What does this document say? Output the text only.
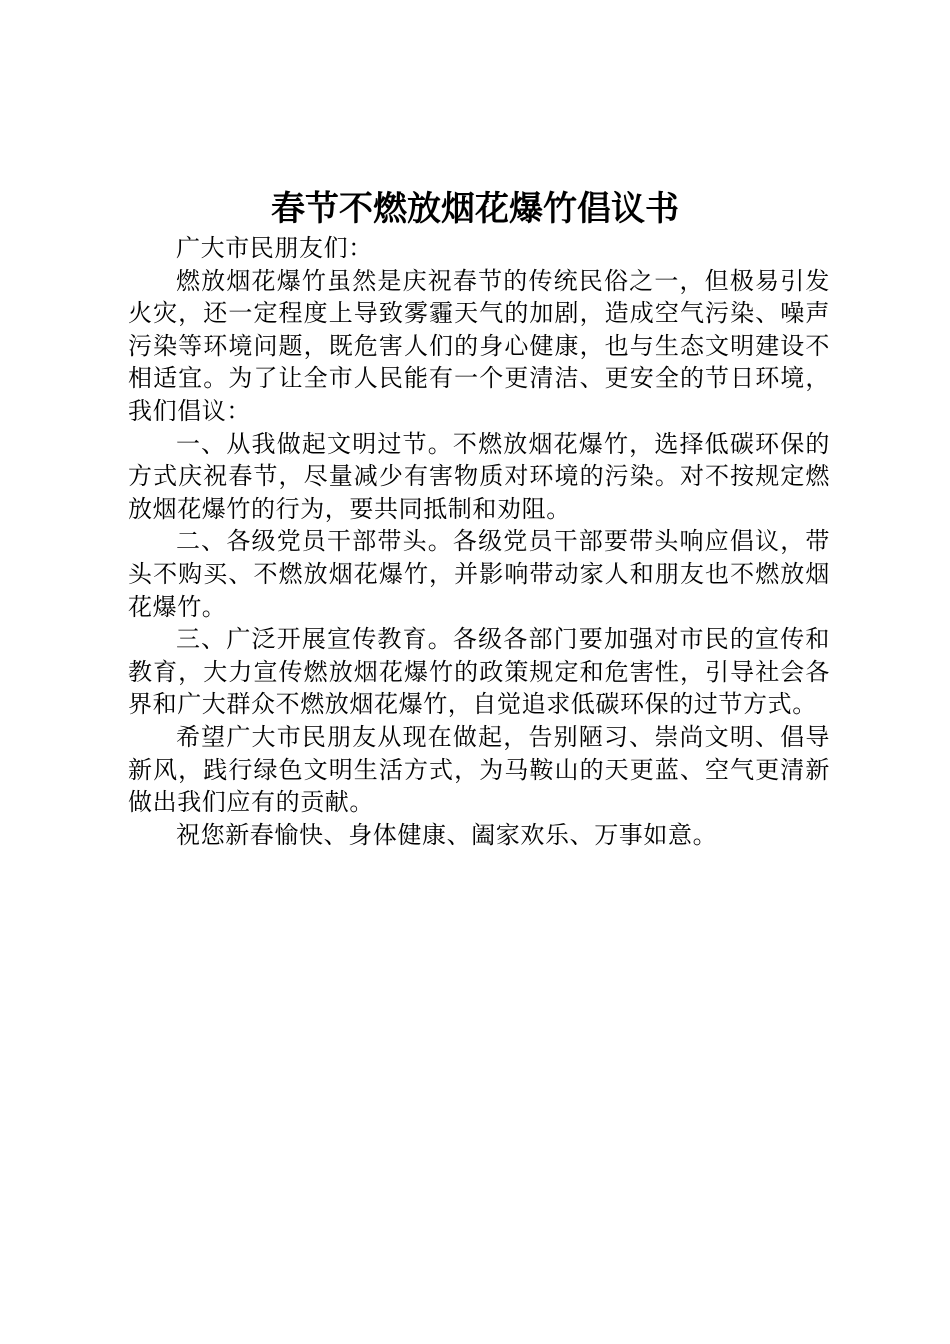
春节不燃放烟花爆竹倡议书

广大市民朋友们：

燃放烟花爆竹虽然是庆祝春节的传统民俗之一，但极易引发火灾，还一定程度上导致雾霾天气的加剧，造成空气污染、噪声污染等环境问题，既危害人们的身心健康，也与生态文明建设不相适宜。为了让全市人民能有一个更清洁、更安全的节日环境，我们倡议：

一、从我做起文明过节。不燃放烟花爆竹，选择低碳环保的方式庆祝春节，尽量减少有害物质对环境的污染。对不按规定燃放烟花爆竹的行为，要共同抵制和劝阻。

二、各级党员干部带头。各级党员干部要带头响应倡议，带头不购买、不燃放烟花爆竹，并影响带动家人和朋友也不燃放烟花爆竹。

三、广泛开展宣传教育。各级各部门要加强对市民的宣传和教育，大力宣传燃放烟花爆竹的政策规定和危害性，引导社会各界和广大群众不燃放烟花爆竹，自觉追求低碳环保的过节方式。

希望广大市民朋友从现在做起，告别陋习、崇尚文明、倡导新风，践行绿色文明生活方式，为马鞍山的天更蓝、空气更清新做出我们应有的贡献。

祝您新春愉快、身体健康、阖家欢乐、万事如意。
